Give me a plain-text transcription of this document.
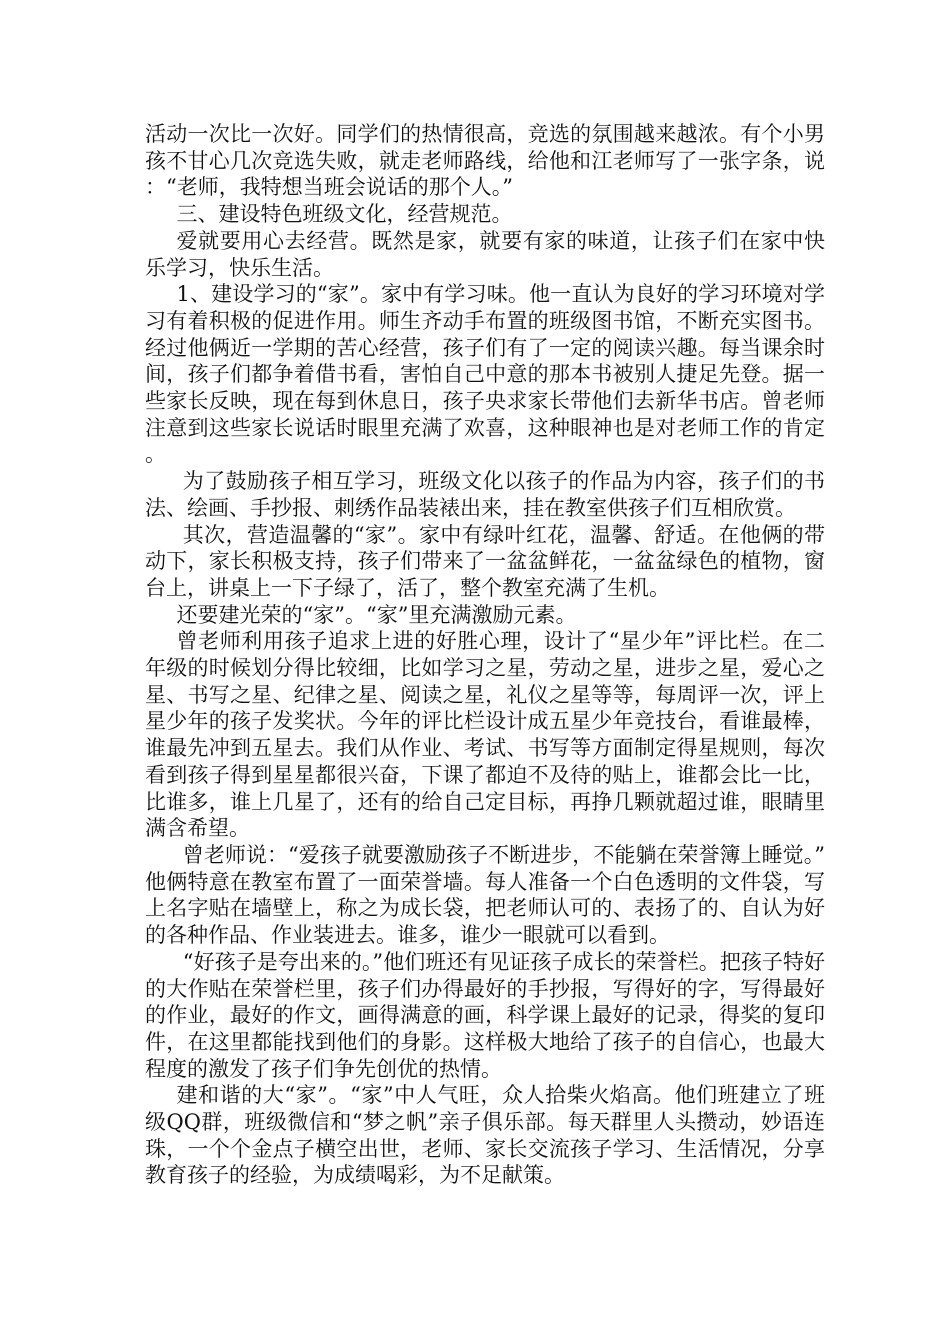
活动一次比一次好。同学们的热情很高，竞选的氛围越来越浓。有个小男孩不甘心几次竞选失败，就走老师路线，给他和江老师写了一张字条，说：“老师，我特想当班会说话的那个人。”

三、建设特色班级文化，经营规范。

爱就要用心去经营。既然是家，就要有家的味道，让孩子们在家中快乐学习，快乐生活。

1、建设学习的“家”。家中有学习味。他一直认为良好的学习环境对学习有着积极的促进作用。师生齐动手布置的班级图书馆，不断充实图书。经过他俩近一学期的苦心经营，孩子们有了一定的阅读兴趣。每当课余时间，孩子们都争着借书看，害怕自己中意的那本书被别人捷足先登。据一些家长反映，现在每到休息日，孩子央求家长带他们去新华书店。曾老师注意到这些家长说话时眼里充满了欢喜，这种眼神也是对老师工作的肯定。

为了鼓励孩子相互学习，班级文化以孩子的作品为内容，孩子们的书法、绘画、手抄报、刺绣作品装裱出来，挂在教室供孩子们互相欣赏。

其次，营造温馨的“家”。家中有绿叶红花，温馨、舒适。在他俩的带动下，家长积极支持，孩子们带来了一盆盆鲜花，一盆盆绿色的植物，窗台上，讲桌上一下子绿了，活了，整个教室充满了生机。

还要建光荣的“家”。“家”里充满激励元素。

曾老师利用孩子追求上进的好胜心理，设计了“星少年”评比栏。在二年级的时候划分得比较细，比如学习之星，劳动之星，进步之星，爱心之星、书写之星、纪律之星、阅读之星，礼仪之星等等，每周评一次，评上星少年的孩子发奖状。今年的评比栏设计成五星少年竞技台，看谁最棒，谁最先冲到五星去。我们从作业、考试、书写等方面制定得星规则，每次看到孩子得到星星都很兴奋，下课了都迫不及待的贴上，谁都会比一比，比谁多，谁上几星了，还有的给自己定目标，再挣几颗就超过谁，眼睛里满含希望。

曾老师说：“爱孩子就要激励孩子不断进步，不能躺在荣誉簿上睡觉。”他俩特意在教室布置了一面荣誉墙。每人准备一个白色透明的文件袋，写上名字贴在墙壁上，称之为成长袋，把老师认可的、表扬了的、自认为好的各种作品、作业装进去。谁多，谁少一眼就可以看到。

“好孩子是夸出来的。”他们班还有见证孩子成长的荣誉栏。把孩子特好的大作贴在荣誉栏里，孩子们办得最好的手抄报，写得好的字，写得最好的作业，最好的作文，画得满意的画，科学课上最好的记录，得奖的复印件，在这里都能找到他们的身影。这样极大地给了孩子的自信心，也最大程度的激发了孩子们争先创优的热情。

建和谐的大“家”。“家”中人气旺，众人拾柴火焰高。他们班建立了班级QQ群，班级微信和“梦之帆”亲子俱乐部。每天群里人头攒动，妙语连珠，一个个金点子横空出世，老师、家长交流孩子学习、生活情况，分享教育孩子的经验，为成绩喝彩，为不足献策。
